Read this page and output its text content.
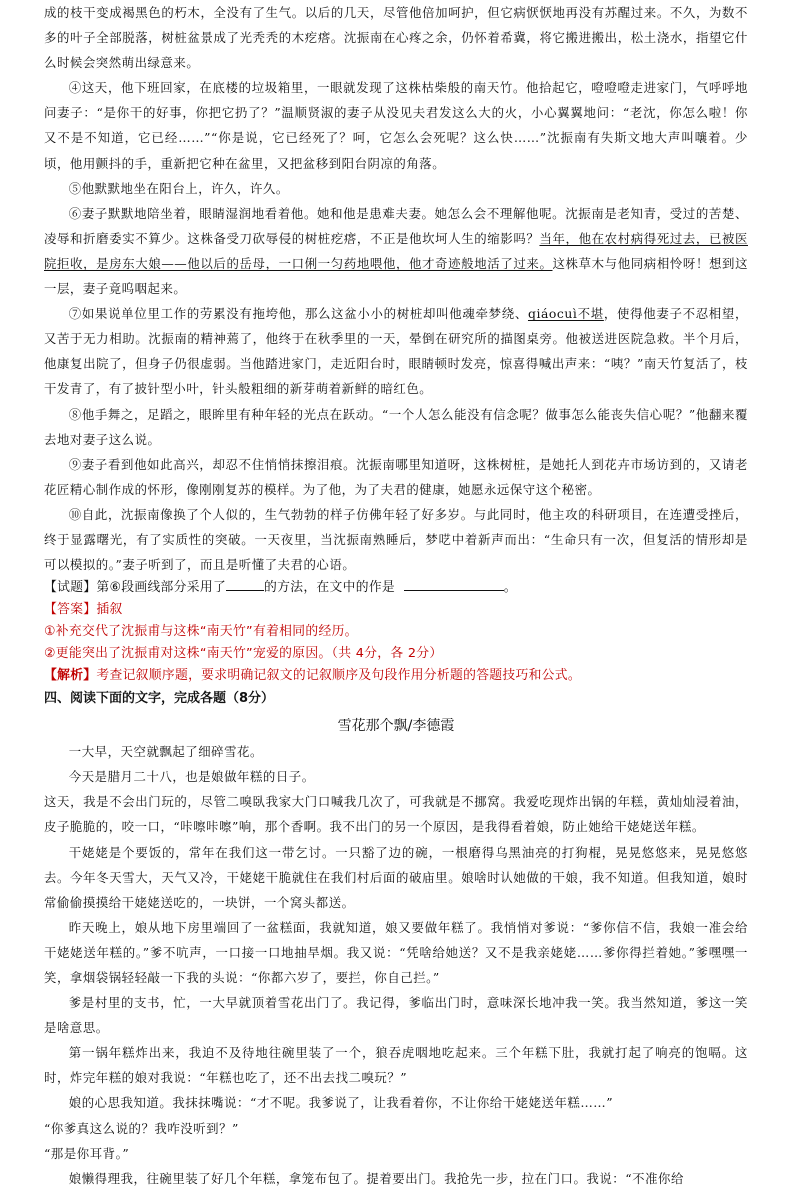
成的枝干变成褐黑色的朽木，全没有了生气。以后的几天，尽管他倍加呵护，但它病恹恹地再没有苏醒过来。不久，为数不多的叶子全部脱落，树桩盆景成了光秃秃的木疙瘩。沈振南在心疼之余，仍怀着希冀，将它搬进搬出，松土浇水，指望它什么时候会突然萌出绿意来。

④这天，他下班回家，在底楼的垃圾箱里，一眼就发现了这株枯柴般的南天竹。他拾起它，噔噔噔走进家门，气呼呼地问妻子：“是你干的好事，你把它扔了？”温顺贤淑的妻子从没见夫君发这么大的火，小心翼翼地问：“老沈，你怎么啦！你又不是不知道，它已经……”“你是说，它已经死了？呵，它怎么会死呢？这么快……”沈振南有失斯文地大声叫嚷着。少顷，他用颤抖的手，重新把它种在盆里，又把盆移到阳台阴凉的角落。

⑤他默默地坐在阳台上，许久，许久。

⑥妻子默默地陪坐着，眼睛湿润地看着他。她和他是患难夫妻。她怎么会不理解他呢。沈振南是老知青，受过的苦楚、凌辱和折磨委实不算少。这株备受刀砍辱侵的树桩疙瘩，不正是他坎坷人生的缩影吗？当年，他在农村病得死过去，已被医院拒收，是房东大娘——他以后的岳母，一口俐一匀药地喂他，他才奇迹般地活了过来。这株草木与他同病相怜呀！想到这一层，妻子竟呜咽起来。

⑦如果说单位里工作的劳累没有拖垮他，那么这盆小小的树桩却叫他魂牵梦绕、qiáocuì不堪，使得他妻子不忍相望，又苦于无力相助。沈振南的精神蔫了，他终于在秋季里的一天，晕倒在研究所的描图桌旁。他被送进医院急救。半个月后，他康复出院了，但身子仍很虚弱。当他踏进家门，走近阳台时，眼睛顿时发亮，惊喜得喊出声来：“咦？”南天竹复活了，枝干发青了，有了披针型小叶，针头般粗细的新芽萌着新鲜的暗红色。

⑧他手舞之，足蹈之，眼眸里有种年轻的光点在跃动。“一个人怎么能没有信念呢？做事怎么能丧失信心呢？”他翻来覆去地对妻子这么说。

⑨妻子看到他如此高兴，却忍不住悄悄抹擦泪痕。沈振南哪里知道呀，这株树桩，是她托人到花卉市场访到的，又请老花匠精心制作成的怀形，像刚刚复苏的模样。为了他，为了夫君的健康，她愿永远保守这个秘密。

⑩自此，沈振南像换了个人似的，生气勃勃的样子仿佛年轻了好多岁。与此同时，他主攻的科研项目，在连遭受挫后，终于显露曙光，有了实质性的突破。一天夜里，当沈振南熟睡后，梦呓中着新声而出：“生命只有一次，但复活的情形却是可以模拟的。”妻子听到了，而且是听懂了夫君的心语。

【试题】第⑥段画线部分采用了	的方法，在文中的作是	。
【答案】插叙
①补充交代了沈振甫与这株“南天竹”有着相同的经历。
②更能突出了沈振甫对这株“南天竹”宠爱的原因。（共 4分，各 2分）
【解析】考查记叙顺序题，要求明确记叙文的记叙顺序及句段作用分析题的答题技巧和公式。
四、阅读下面的文字，完成各题（8分）
雪花那个飘/李德霞

一大早，天空就飘起了细碎雪花。

今天是腊月二十八，也是娘做年糕的日子。

这天，我是不会出门玩的，尽管二嗅臥我家大门口喊我几次了，可我就是不挪窝。我爱吃现炸出锅的年糕，黄灿灿浸着油，皮子脆脆的，咬一口，“咔嚓咔嚓”响，那个香啊。我不出门的另一个原因，是我得看着娘，防止她给干姥姥送年糕。

干姥姥是个要饭的，常年在我们这一带乞讨。一只豁了边的碗，一根磨得乌黑油亮的打狗棍，晃晃悠悠来，晃晃悠悠去。今年冬天雪大，天气又冷，干姥姥干脆就住在我们村后面的破庙里。娘啥时认她做的干娘，我不知道。但我知道，娘时常偷偷摸摸给干姥姥送吃的，一块饼，一个窝头都送。

昨天晚上，娘从地下房里端回了一盆糕面，我就知道，娘又要做年糕了。我悄悄对爹说：“爹你信不信，我娘一准会给干姥姥送年糕的。”爹不吭声，一口接一口地抽旱烟。我又说：“凭啥给她送？又不是我亲姥姥……爹你得拦着她。”爹嘿嘿一笑，拿烟袋锅轻轻敲一下我的头说：“你都六岁了，要拦，你自己拦。”

爹是村里的支书，忙，一大早就顶着雪花出门了。我记得，爹临出门时，意味深长地冲我一笑。我当然知道，爹这一笑是啥意思。

第一锅年糕炸出来，我迫不及待地往碗里装了一个，狼吞虎咽地吃起来。三个年糕下肚，我就打起了响亮的饱嗝。这时，炸完年糕的娘对我说：“年糕也吃了，还不出去找二嗅玩？”

娘的心思我知道。我抹抹嘴说：“才不呢。我爹说了，让我看着你，不让你给干姥姥送年糕……”

“你爹真这么说的？我咋没听到？”

“那是你耳背。”

娘懒得理我，往碗里装了好几个年糕，拿笼布包了。提着要出门。我抢先一步，拉在门口。我说：“不准你给
